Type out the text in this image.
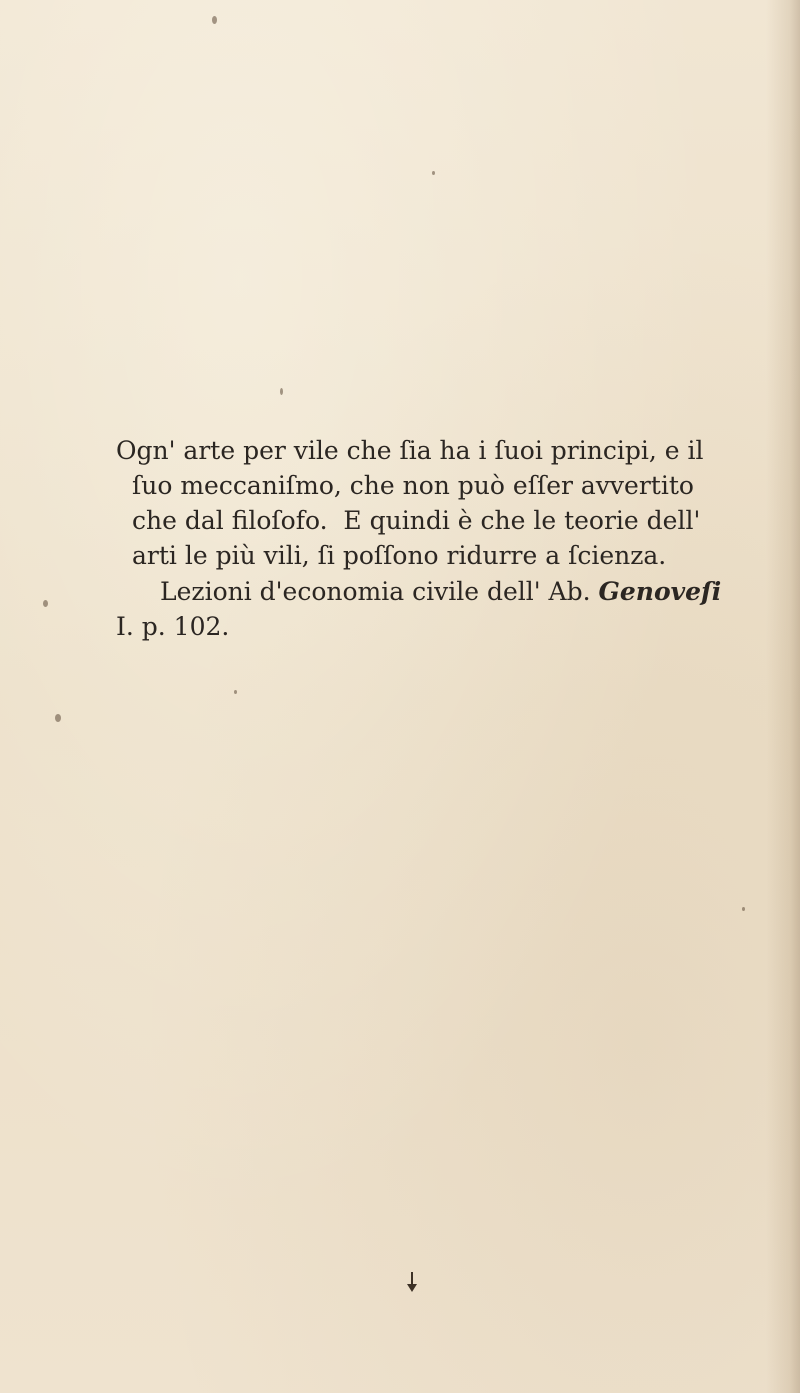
Ogn' arte per vile che ſia ha i ſuoi principi, e il
ſuo meccaniſmo, che non può eſſer avvertito
che dal filoſofo.  E quindi è che le teorie dell'
arti le più vili, ſi poſſono ridurre a ſcienza.
Lezioni d'economia civile dell' Ab. Genoveſi
I. p. 102.
